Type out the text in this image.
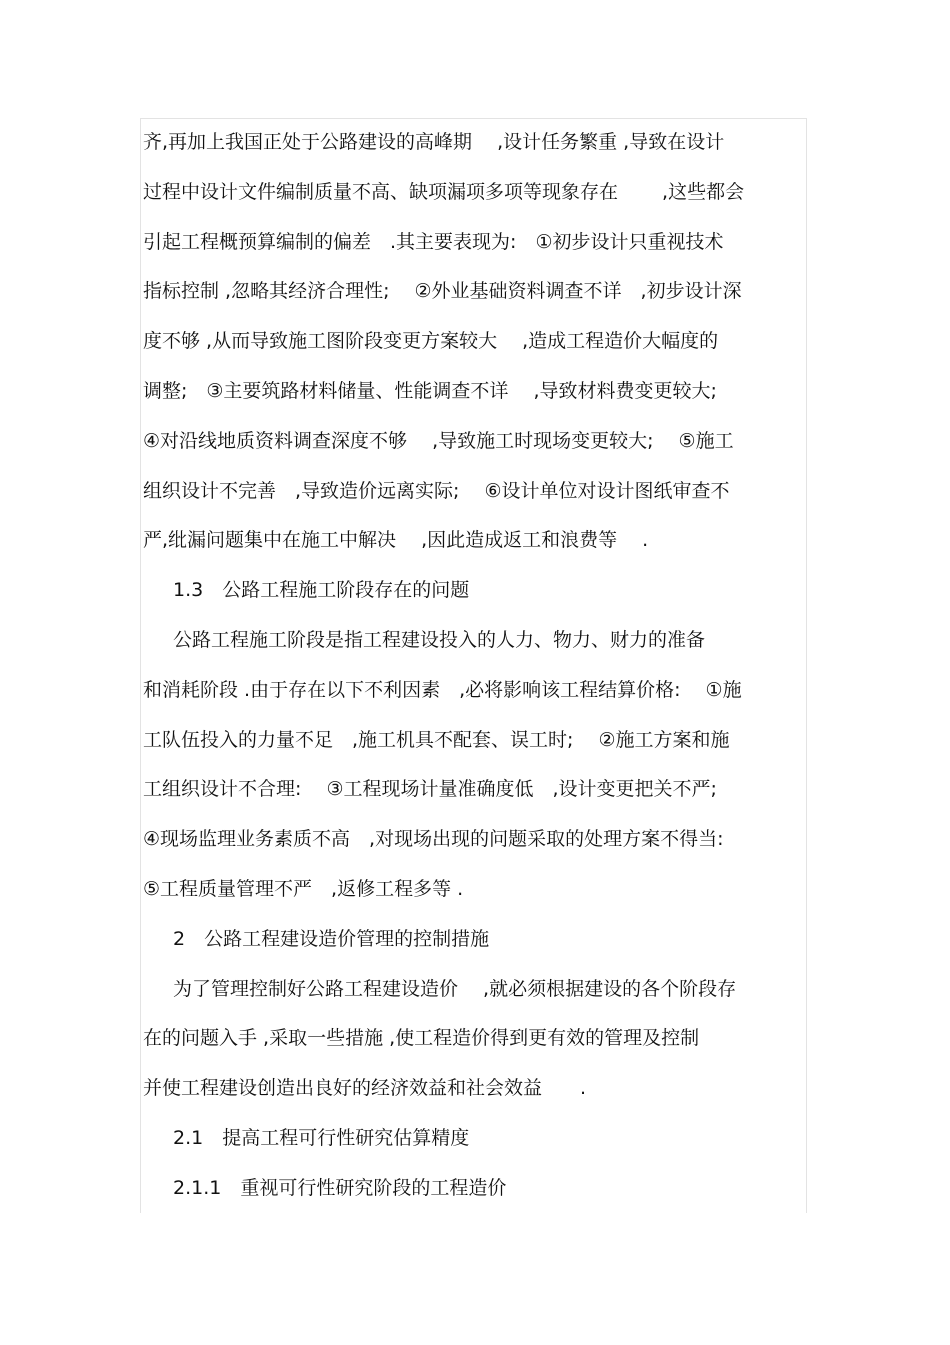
齐,再加上我国正处于公路建设的高峰期　 ,设计任务繁重 ,导致在设计
过程中设计文件编制质量不高、缺项漏项多项等现象存在　　 ,这些都会
引起工程概预算编制的偏差　.其主要表现为:　①初步设计只重视技术
指标控制 ,忽略其经济合理性;　 ②外业基础资料调查不详　,初步设计深
度不够 ,从而导致施工图阶段变更方案较大　 ,造成工程造价大幅度的
调整;　③主要筑路材料储量、性能调查不详　 ,导致材料费变更较大;
④对沿线地质资料调查深度不够　 ,导致施工时现场变更较大;　 ⑤施工
组织设计不完善　,导致造价远离实际;　 ⑥设计单位对设计图纸审查不
严,纰漏问题集中在施工中解决　 ,因此造成返工和浪费等　 .
1.3　公路工程施工阶段存在的问题
公路工程施工阶段是指工程建设投入的人力、物力、财力的准备
和消耗阶段 .由于存在以下不利因素　,必将影响该工程结算价格:　 ①施
工队伍投入的力量不足　,施工机具不配套、误工时;　 ②施工方案和施
工组织设计不合理:　 ③工程现场计量准确度低　,设计变更把关不严;
④现场监理业务素质不高　,对现场出现的问题采取的处理方案不得当:
⑤工程质量管理不严　,返修工程多等 .
2　公路工程建设造价管理的控制措施
为了管理控制好公路工程建设造价　 ,就必须根据建设的各个阶段存
在的问题入手 ,采取一些措施 ,使工程造价得到更有效的管理及控制
并使工程建设创造出良好的经济效益和社会效益　　.
2.1　提高工程可行性研究估算精度
2.1.1　重视可行性研究阶段的工程造价
